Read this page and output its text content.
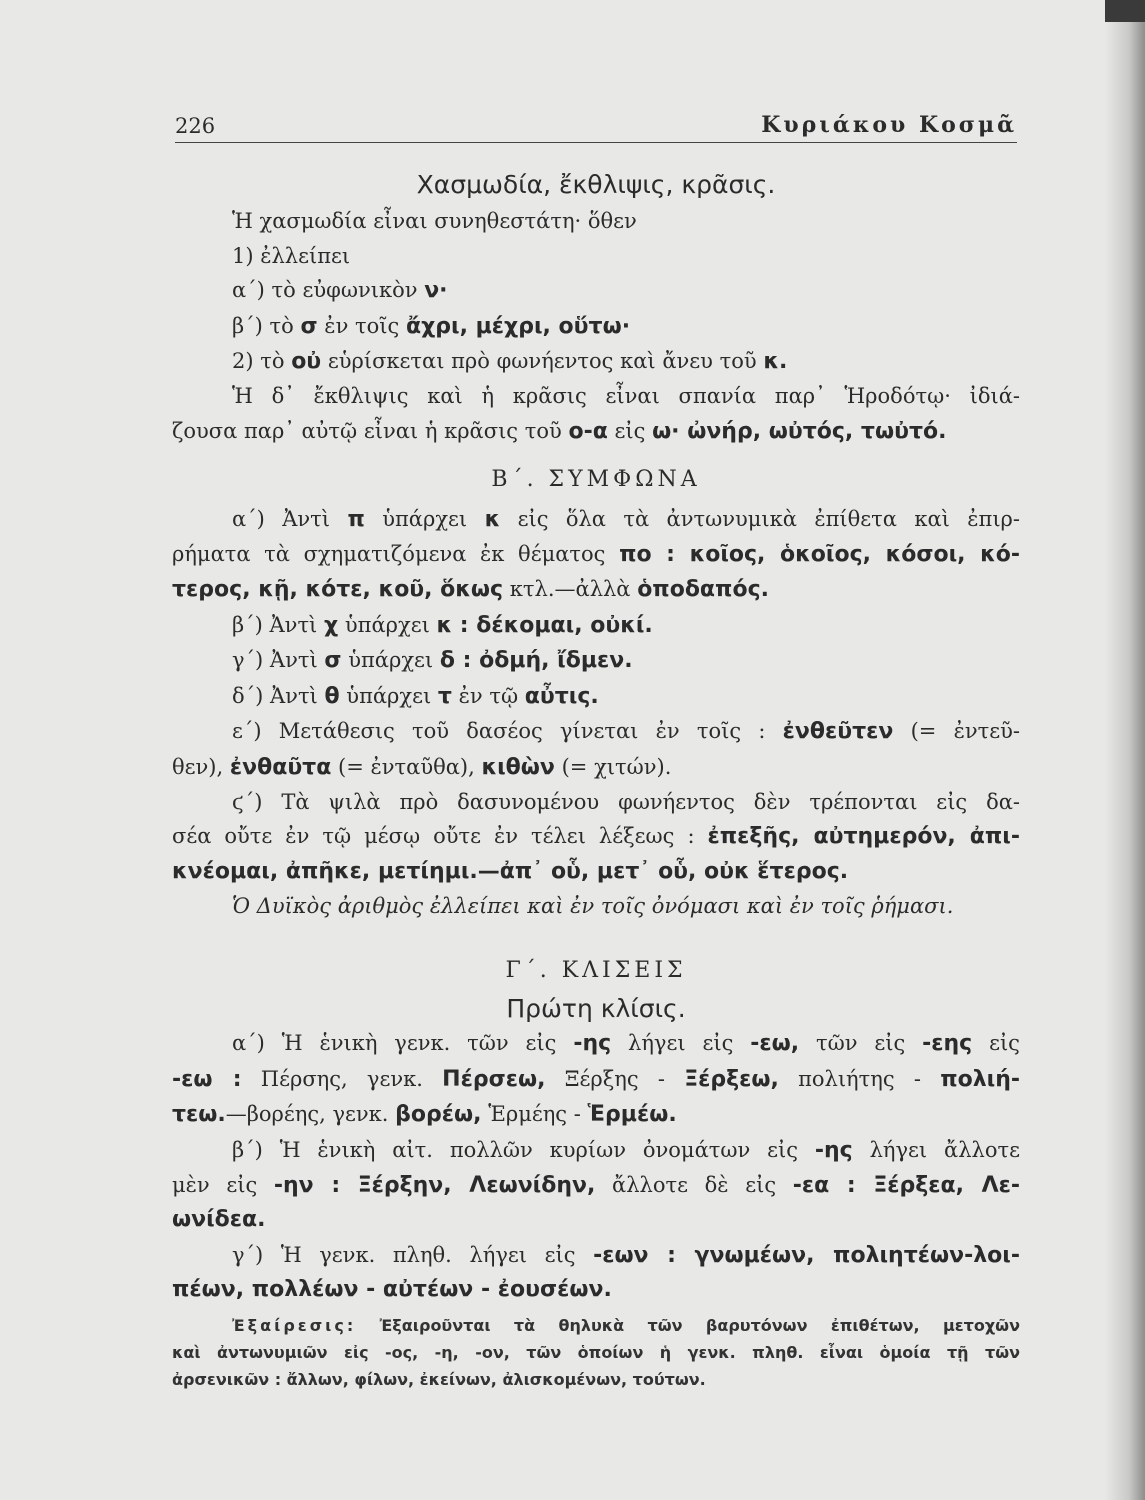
226	Κυριάκου Κοσμᾶ

Χασμωδία, ἔκθλιψις, κρᾶσις.

Ἡ χασμωδία εἶναι συνηθεστάτη· ὅθεν

1) ἐλλείπει

α΄) τὸ εὐφωνικὸν ν·

β΄) τὸ σ ἐν τοῖς ἄχρι, μέχρι, οὕτω·

2) τὸ οὐ εὑρίσκεται πρὸ φωνήεντος καὶ ἄνευ τοῦ κ.

Ἡ δ᾽ ἔκθλιψις καὶ ἡ κρᾶσις εἶναι σπανία παρ᾽ Ἡροδότῳ· ἰδιά-

ζουσα παρ᾽ αὐτῷ εἶναι ἡ κρᾶσις τοῦ ο-α εἰς ω· ὠνήρ, ωὐτός, τωὐτό.

Β΄. ΣΥΜΦΩΝΑ

α΄) Ἀντὶ π ὑπάρχει κ εἰς ὅλα τὰ ἀντωνυμικὰ ἐπίθετα καὶ ἐπιρ-

ρήματα τὰ σχηματιζόμενα ἐκ θέματος πο : κοῖος, ὁκοῖος, κόσοι, κό-

τερος, κῇ, κότε, κοῦ, ὅκως κτλ.—ἀλλὰ ὁποδαπός.

β΄) Ἀντὶ χ ὑπάρχει κ : δέκομαι, οὐκί.

γ΄) Ἀντὶ σ ὑπάρχει δ : ὀδμή, ἴδμεν.

δ΄) Ἀντὶ θ ὑπάρχει τ ἐν τῷ αὖτις.

ε΄) Μετάθεσις τοῦ δασέος γίνεται ἐν τοῖς : ἐνθεῦτεν (= ἐντεῦ-

θεν), ἐνθαῦτα (= ἐνταῦθα), κιθὼν (= χιτών).

ϛ΄) Τὰ ψιλὰ πρὸ δασυνομένου φωνήεντος δὲν τρέπονται εἰς δα-

σέα οὔτε ἐν τῷ μέσῳ οὔτε ἐν τέλει λέξεως : ἐπεξῆς, αὐτημερόν, ἀπι-

κνέομαι, ἀπῆκε, μετίημι.—ἀπ᾽ οὗ, μετ᾽ οὗ, οὐκ ἕτερος.

Ὁ Δυϊκὸς ἀριθμὸς ἐλλείπει καὶ ἐν τοῖς ὀνόμασι καὶ ἐν τοῖς ῥήμασι.

Γ΄. ΚΛΙΣΕΙΣ

Πρώτη κλίσις.

α΄) Ἡ ἑνικὴ γενκ. τῶν εἰς -ης λήγει εἰς -εω, τῶν εἰς -εης εἰς

-εω : Πέρσης, γενκ. Πέρσεω, Ξέρξης - Ξέρξεω, πολιήτης - πολιή-

τεω.—βορέης, γενκ. βορέω, Ἑρμέης - Ἑρμέω.

β΄) Ἡ ἑνικὴ αἰτ. πολλῶν κυρίων ὀνομάτων εἰς -ης λήγει ἄλλοτε

μὲν εἰς -ην : Ξέρξην, Λεωνίδην, ἄλλοτε δὲ εἰς -εα : Ξέρξεα, Λε-

ωνίδεα.

γ΄) Ἡ γενκ. πληθ. λήγει εἰς -εων : γνωμέων, πολιητέων-λοι-

πέων, πολλέων - αὐτέων - ἐουσέων.

Ἐξαίρεσις: Ἐξαιροῦνται τὰ θηλυκὰ τῶν βαρυτόνων ἐπιθέτων, μετοχῶν

καὶ ἀντωνυμιῶν εἰς -ος, -η, -ον, τῶν ὁποίων ἡ γενκ. πληθ. εἶναι ὁμοία τῇ τῶν

ἀρσενικῶν : ἄλλων, φίλων, ἐκείνων, ἀλισκομένων, τούτων.
